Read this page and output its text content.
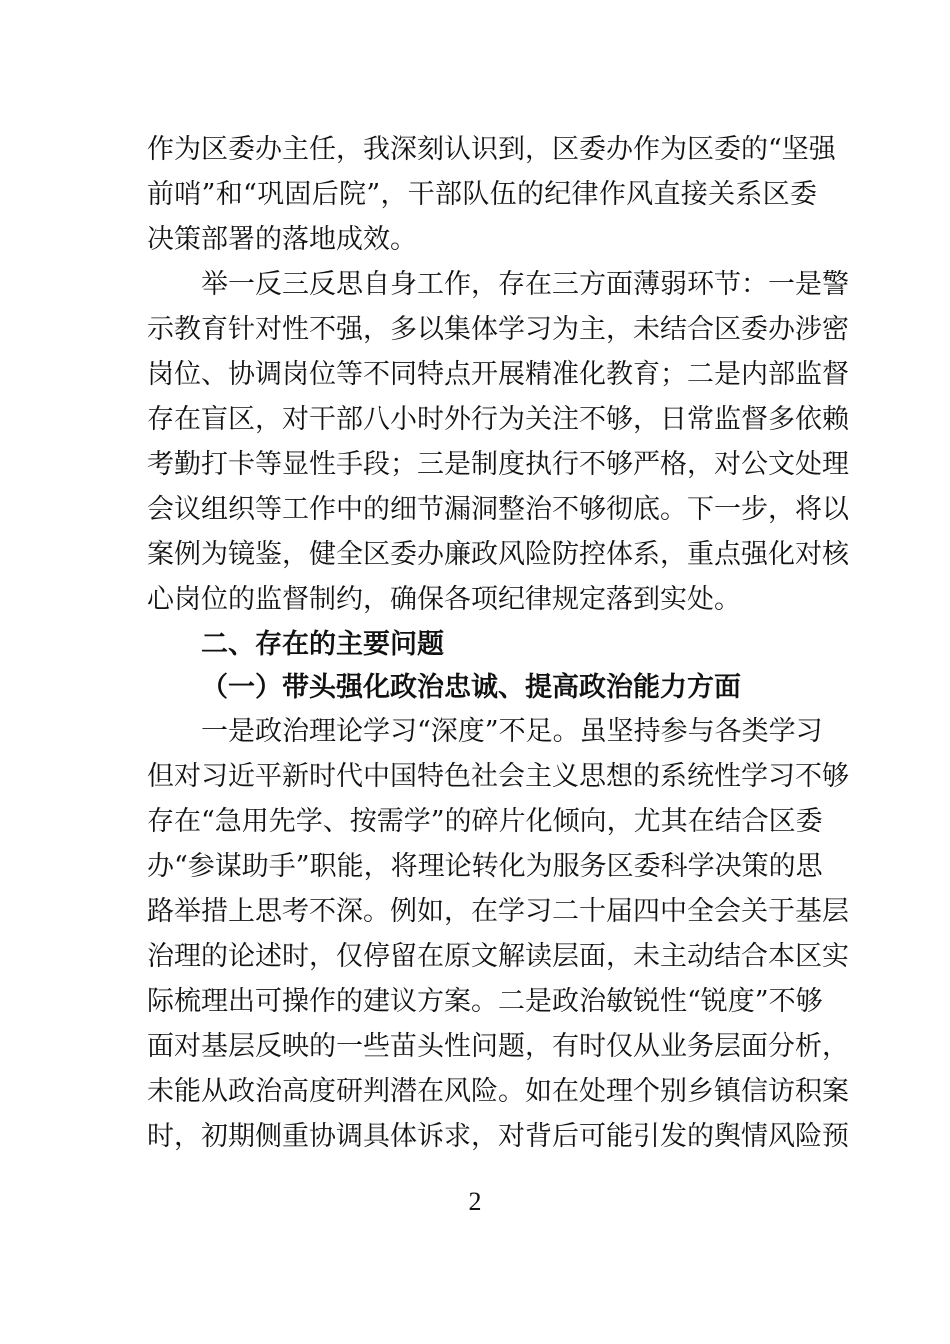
作为区委办主任，我深刻认识到，区委办作为区委的“坚强
前哨”和“巩固后院”，干部队伍的纪律作风直接关系区委
决策部署的落地成效。
举一反三反思自身工作，存在三方面薄弱环节：一是警
示教育针对性不强，多以集体学习为主，未结合区委办涉密
岗位、协调岗位等不同特点开展精准化教育；二是内部监督
存在盲区，对干部八小时外行为关注不够，日常监督多依赖
考勤打卡等显性手段；三是制度执行不够严格，对公文处理
会议组织等工作中的细节漏洞整治不够彻底。下一步，将以
案例为镜鉴，健全区委办廉政风险防控体系，重点强化对核
心岗位的监督制约，确保各项纪律规定落到实处。
二、存在的主要问题
（一）带头强化政治忠诚、提高政治能力方面
一是政治理论学习“深度”不足。虽坚持参与各类学习
但对习近平新时代中国特色社会主义思想的系统性学习不够
存在“急用先学、按需学”的碎片化倾向，尤其在结合区委
办“参谋助手”职能，将理论转化为服务区委科学决策的思
路举措上思考不深。例如，在学习二十届四中全会关于基层
治理的论述时，仅停留在原文解读层面，未主动结合本区实
际梳理出可操作的建议方案。二是政治敏锐性“锐度”不够
面对基层反映的一些苗头性问题，有时仅从业务层面分析，
未能从政治高度研判潜在风险。如在处理个别乡镇信访积案
时，初期侧重协调具体诉求，对背后可能引发的舆情风险预
2
